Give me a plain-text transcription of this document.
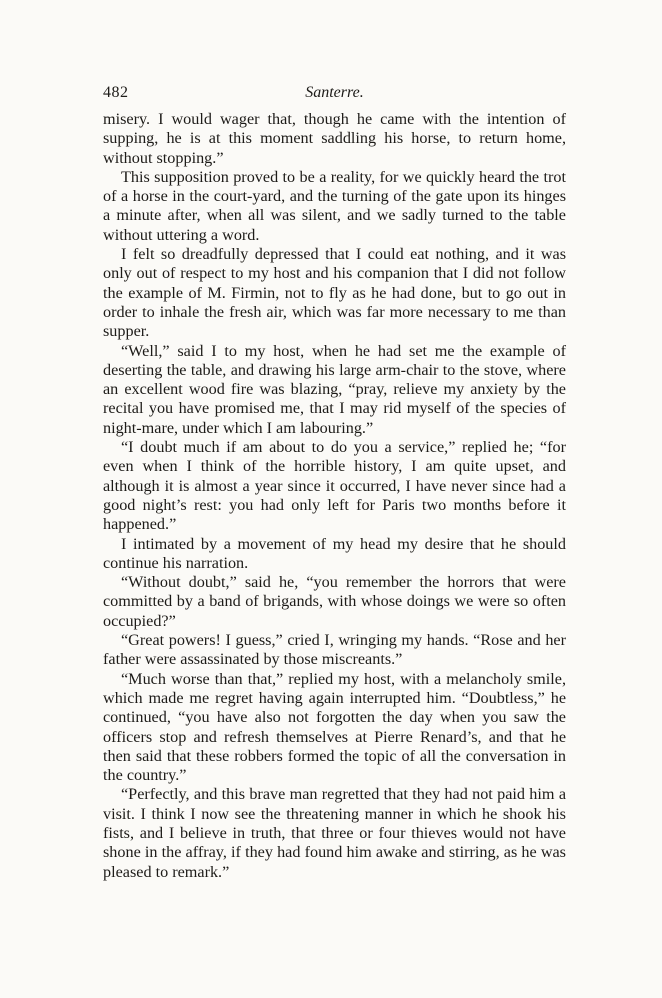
482	Santerre.

misery. I would wager that, though he came with the intention of supping, he is at this moment saddling his horse, to return home, without stopping.”

This supposition proved to be a reality, for we quickly heard the trot of a horse in the court-yard, and the turning of the gate upon its hinges a minute after, when all was silent, and we sadly turned to the table without uttering a word.

I felt so dreadfully depressed that I could eat nothing, and it was only out of respect to my host and his companion that I did not follow the example of M. Firmin, not to fly as he had done, but to go out in order to inhale the fresh air, which was far more necessary to me than supper.

“Well,” said I to my host, when he had set me the example of deserting the table, and drawing his large arm-chair to the stove, where an excellent wood fire was blazing, “pray, relieve my anxiety by the recital you have promised me, that I may rid myself of the species of night-mare, under which I am labouring.”

“I doubt much if am about to do you a service,” replied he; “for even when I think of the horrible history, I am quite upset, and although it is almost a year since it occurred, I have never since had a good night’s rest: you had only left for Paris two months before it happened.”

I intimated by a movement of my head my desire that he should continue his narration.

“Without doubt,” said he, “you remember the horrors that were committed by a band of brigands, with whose doings we were so often occupied?”

“Great powers! I guess,” cried I, wringing my hands. “Rose and her father were assassinated by those miscreants.”

“Much worse than that,” replied my host, with a melancholy smile, which made me regret having again interrupted him. “Doubtless,” he continued, “you have also not forgotten the day when you saw the officers stop and refresh themselves at Pierre Renard’s, and that he then said that these robbers formed the topic of all the conversation in the country.”

“Perfectly, and this brave man regretted that they had not paid him a visit. I think I now see the threatening manner in which he shook his fists, and I believe in truth, that three or four thieves would not have shone in the affray, if they had found him awake and stirring, as he was pleased to remark.”
